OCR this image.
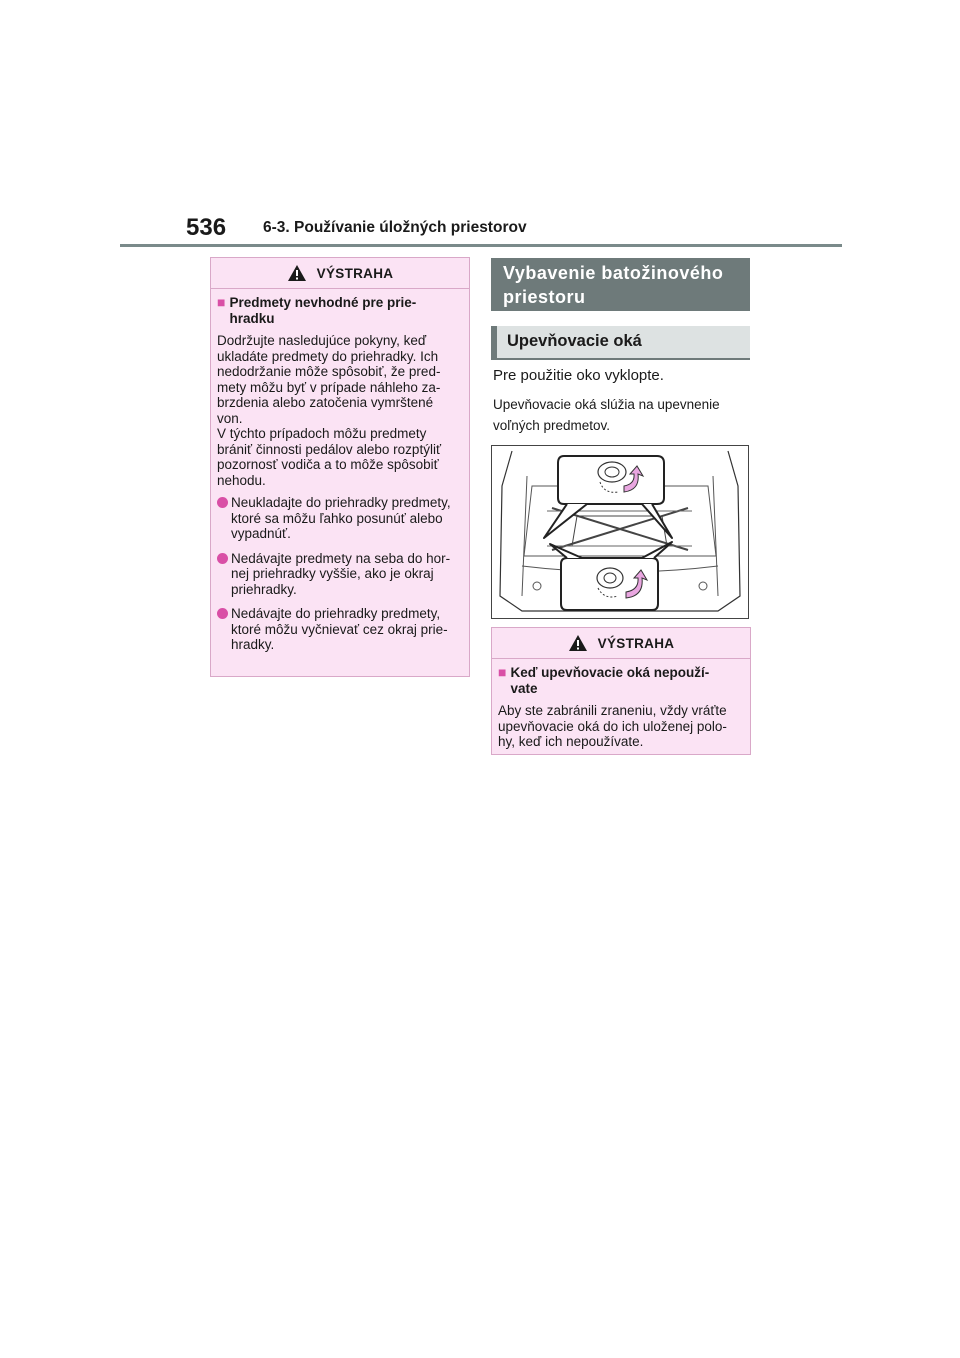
536 6-3. Používanie úložných priestorov
VÝSTRAHA
■ Predmety nevhodné pre prie-
hradku

Dodržujte nasledujúce pokyny, keď
ukladáte predmety do priehradky. Ich
nedodržanie môže spôsobiť, že pred-
mety môžu byť v prípade náhleho za-
brzdenia alebo zatočenia vymrštené
von.
V týchto prípadoch môžu predmety
brániť činnosti pedálov alebo rozptýliť
pozornosť vodiča a to môže spôsobiť
nehodu.

Neukladajte do priehradky predmety,
ktoré sa môžu ľahko posunúť alebo
vypadnúť.
Nedávajte predmety na seba do hor-
nej priehradky vyššie, ako je okraj
priehradky.
Nedávajte do priehradky predmety,
ktoré môžu vyčnievať cez okraj prie-
hradky.
Vybavenie batožinového
priestoru
Upevňovacie oká
Pre použitie oko vyklopte.
Upevňovacie oká slúžia na upevnenie
voľných predmetov.
VÝSTRAHA
■ Keď upevňovacie oká nepouží-
vate

Aby ste zabránili zraneniu, vždy vráťte
upevňovacie oká do ich uloženej polo-
hy, keď ich nepoužívate.
